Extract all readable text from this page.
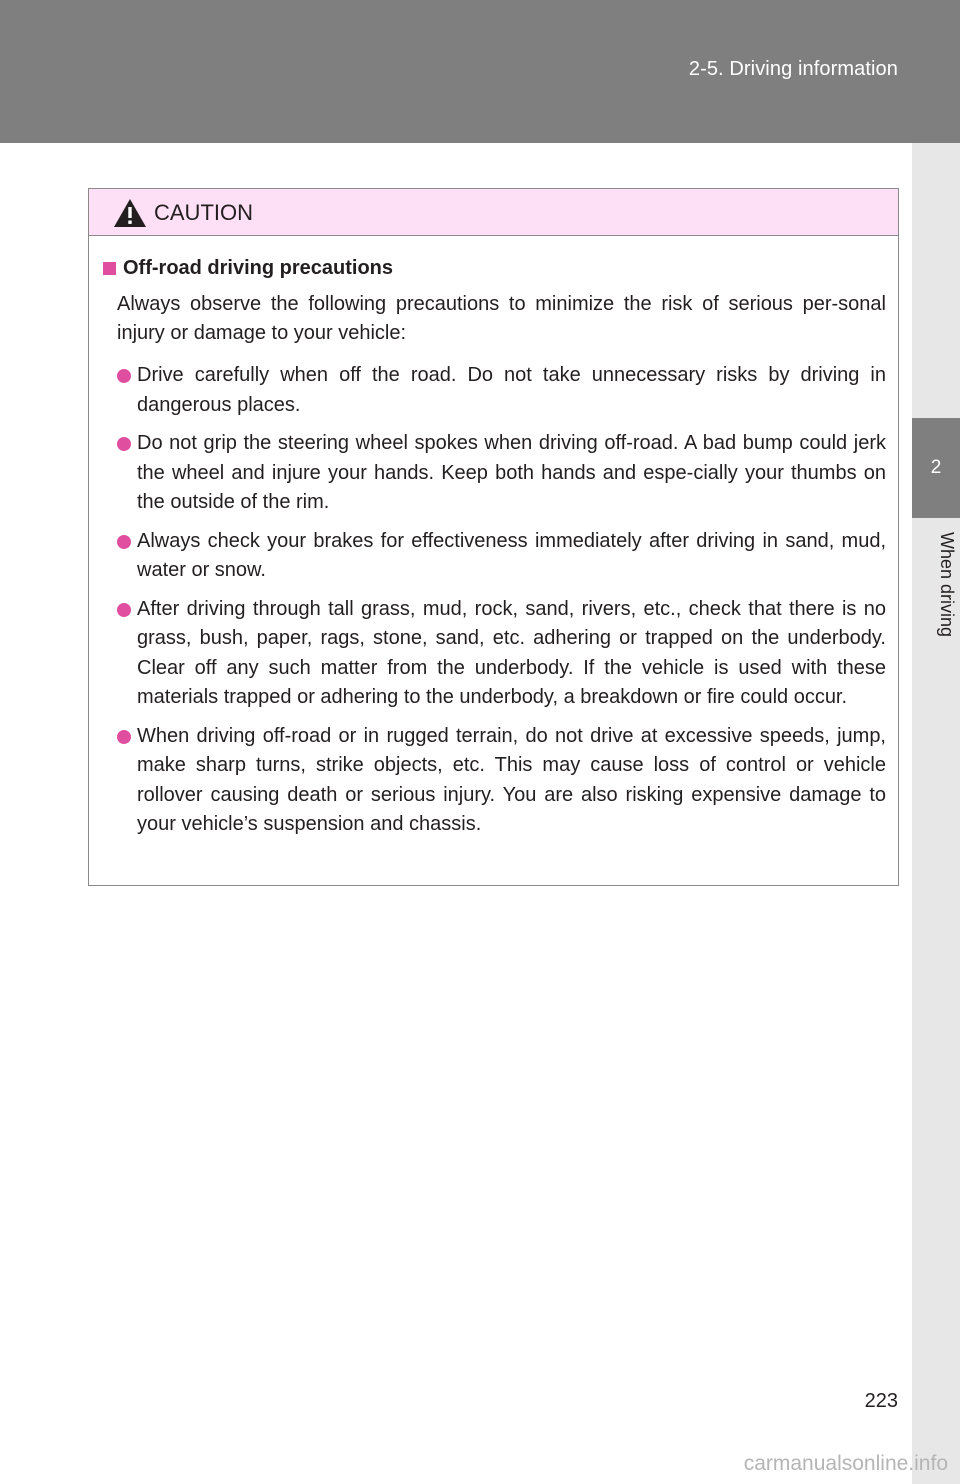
2-5. Driving information
2
When driving
CAUTION
Off-road driving precautions
Always observe the following precautions to minimize the risk of serious per-sonal injury or damage to your vehicle:
Drive carefully when off the road. Do not take unnecessary risks by driving in dangerous places.
Do not grip the steering wheel spokes when driving off-road. A bad bump could jerk the wheel and injure your hands. Keep both hands and espe-cially your thumbs on the outside of the rim.
Always check your brakes for effectiveness immediately after driving in sand, mud, water or snow.
After driving through tall grass, mud, rock, sand, rivers, etc., check that there is no grass, bush, paper, rags, stone, sand, etc. adhering or trapped on the underbody. Clear off any such matter from the underbody. If the vehicle is used with these materials trapped or adhering to the underbody, a breakdown or fire could occur.
When driving off-road or in rugged terrain, do not drive at excessive speeds, jump, make sharp turns, strike objects, etc. This may cause loss of control or vehicle rollover causing death or serious injury. You are also risking expensive damage to your vehicle’s suspension and chassis.
223
carmanualsonline.info
